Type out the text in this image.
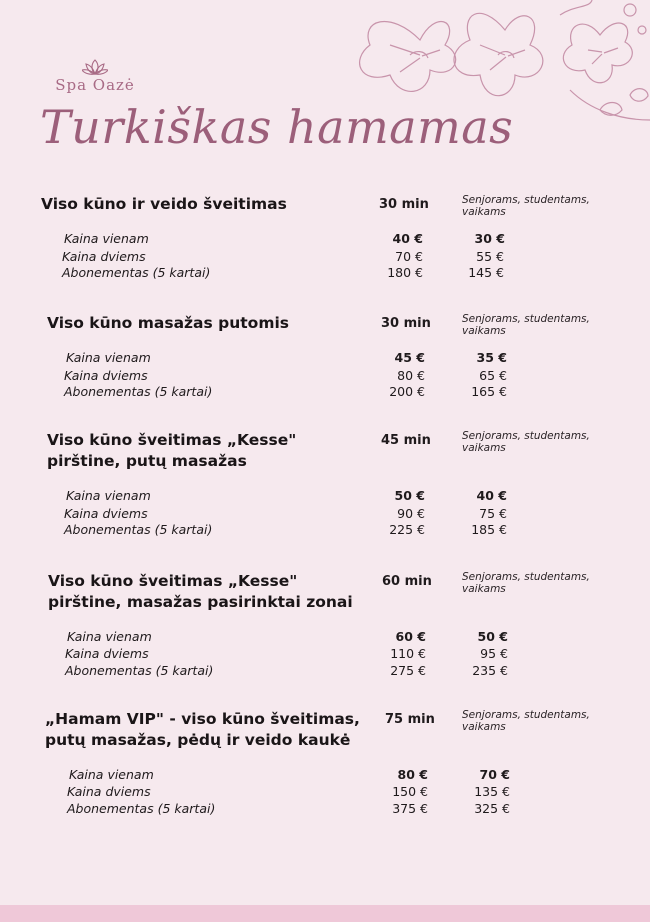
Spa Oazė
Turkiškas hamamas
Viso kūno ir veido šveitimas	30 min	Senjorams, studentams, vaikams
Kaina vienam	40 €	30 €
Kaina dviems	70 €	55 €
Abonementas (5 kartai)	180 €	145 €
Viso kūno masažas putomis	30 min	Senjorams, studentams, vaikams
Kaina vienam	45 €	35 €
Kaina dviems	80 €	65 €
Abonementas (5 kartai)	200 €	165 €
Viso kūno šveitimas „Kesse" pirštine, putų masažas
45 min	Senjorams, studentams, vaikams
Kaina vienam	50 €	40 €
Kaina dviems	90 €	75 €
Abonementas (5 kartai)	225 €	185 €
Viso kūno šveitimas „Kesse" pirštine, masažas pasirinktai zonai
60 min	Senjorams, studentams, vaikams
Kaina vienam	60 €	50 €
Kaina dviems	110 €	95 €
Abonementas (5 kartai)	275 €	235 €
„Hamam VIP" - viso kūno šveitimas, putų masažas, pėdų ir veido kaukė
75 min	Senjorams, studentams, vaikams
Kaina vienam	80 €	70 €
Kaina dviems	150 €	135 €
Abonementas (5 kartai)	375 €	325 €
